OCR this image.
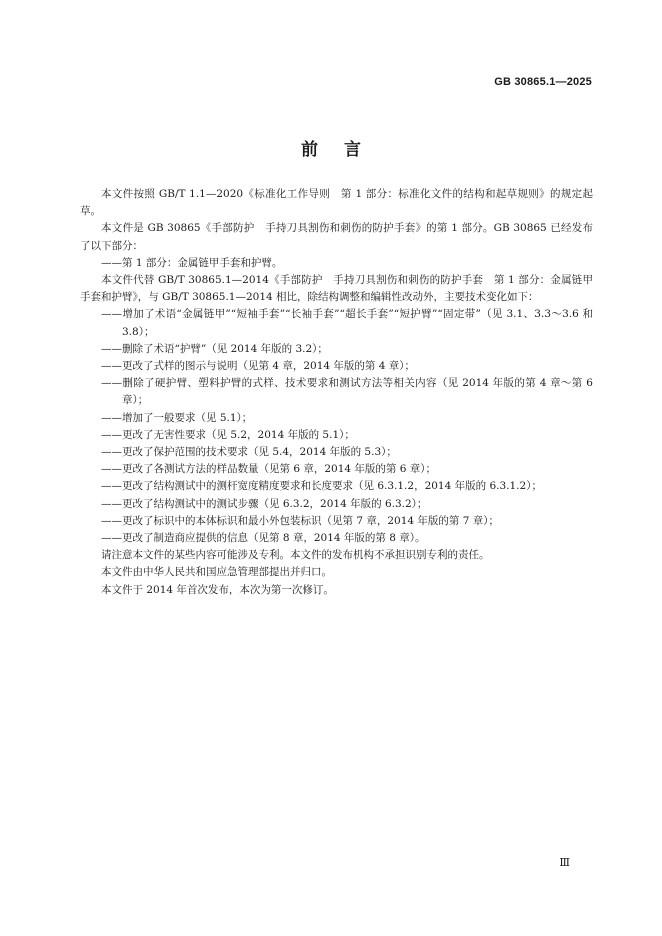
GB 30865.1—2025
前言

本文件按照 GB/T 1.1—2020《标准化工作导则　第 1 部分：标准化文件的结构和起草规则》的规定起草。

本文件是 GB 30865《手部防护　手持刀具割伤和刺伤的防护手套》的第 1 部分。GB 30865 已经发布了以下部分：

——第 1 部分：金属链甲手套和护臂。

本文件代替 GB/T 30865.1—2014《手部防护　手持刀具割伤和刺伤的防护手套　第 1 部分：金属链甲手套和护臂》，与 GB/T 30865.1—2014 相比，除结构调整和编辑性改动外，主要技术变化如下：

——增加了术语“金属链甲”“短袖手套”“长袖手套”“超长手套”“短护臂”“固定带”（见 3.1、3.3～3.6 和 3.8）；

——删除了术语“护臂”（见 2014 年版的 3.2）；

——更改了式样的图示与说明（见第 4 章，2014 年版的第 4 章）；

——删除了硬护臂、塑料护臂的式样、技术要求和测试方法等相关内容（见 2014 年版的第 4 章～第 6 章）；

——增加了一般要求（见 5.1）；

——更改了无害性要求（见 5.2，2014 年版的 5.1）；

——更改了保护范围的技术要求（见 5.4，2014 年版的 5.3）；

——更改了各测试方法的样品数量（见第 6 章，2014 年版的第 6 章）；

——更改了结构测试中的测杆宽度精度要求和长度要求（见 6.3.1.2，2014 年版的 6.3.1.2）；

——更改了结构测试中的测试步骤（见 6.3.2，2014 年版的 6.3.2）；

——更改了标识中的本体标识和最小外包装标识（见第 7 章，2014 年版的第 7 章）；

——更改了制造商应提供的信息（见第 8 章，2014 年版的第 8 章）。

请注意本文件的某些内容可能涉及专利。本文件的发布机构不承担识别专利的责任。

本文件由中华人民共和国应急管理部提出并归口。

本文件于 2014 年首次发布，本次为第一次修订。

Ⅲ
